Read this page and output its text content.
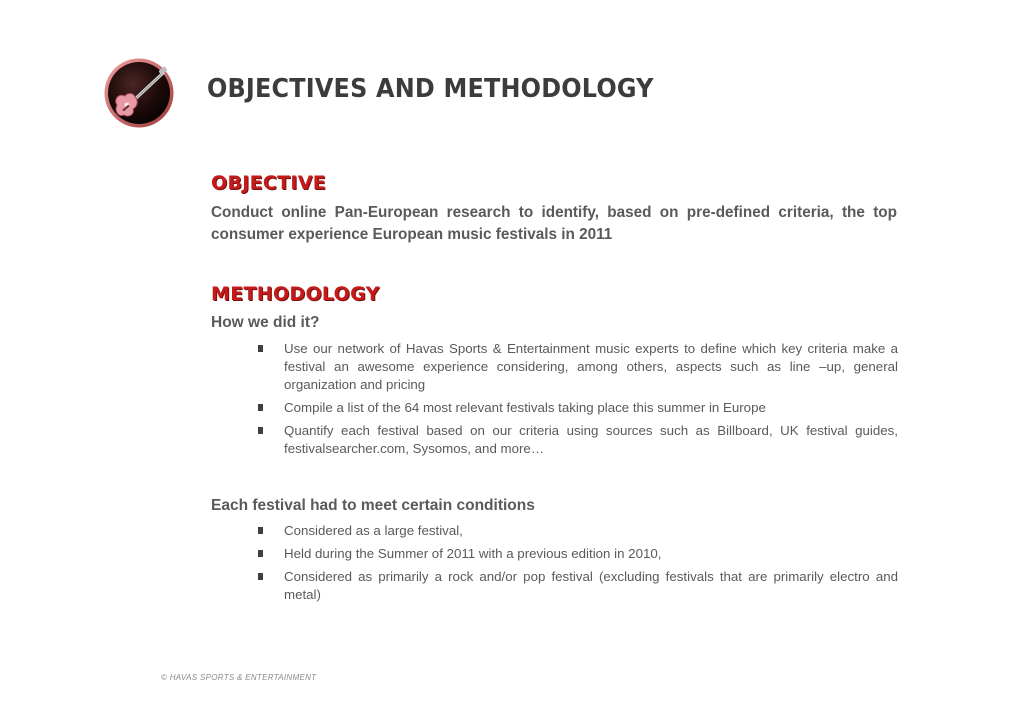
OBJECTIVES AND METHODOLOGY
OBJECTIVE
Conduct online Pan-European research to identify, based on pre-defined criteria, the top consumer experience European music festivals in 2011
METHODOLOGY
How we did it?
Use our network of Havas Sports & Entertainment music experts to define which key criteria make a festival an awesome experience considering, among others, aspects such as line –up, general organization and pricing
Compile a list of the 64 most relevant festivals taking place this summer in Europe
Quantify each festival based on our criteria using sources such as Billboard, UK festival guides, festivalsearcher.com, Sysomos, and more…
Each festival had to meet certain conditions
Considered as a large festival,
Held during the Summer of 2011 with a previous edition in 2010,
Considered as primarily a rock and/or pop festival (excluding festivals that are primarily electro and metal)
© HAVAS SPORTS & ENTERTAINMENT
